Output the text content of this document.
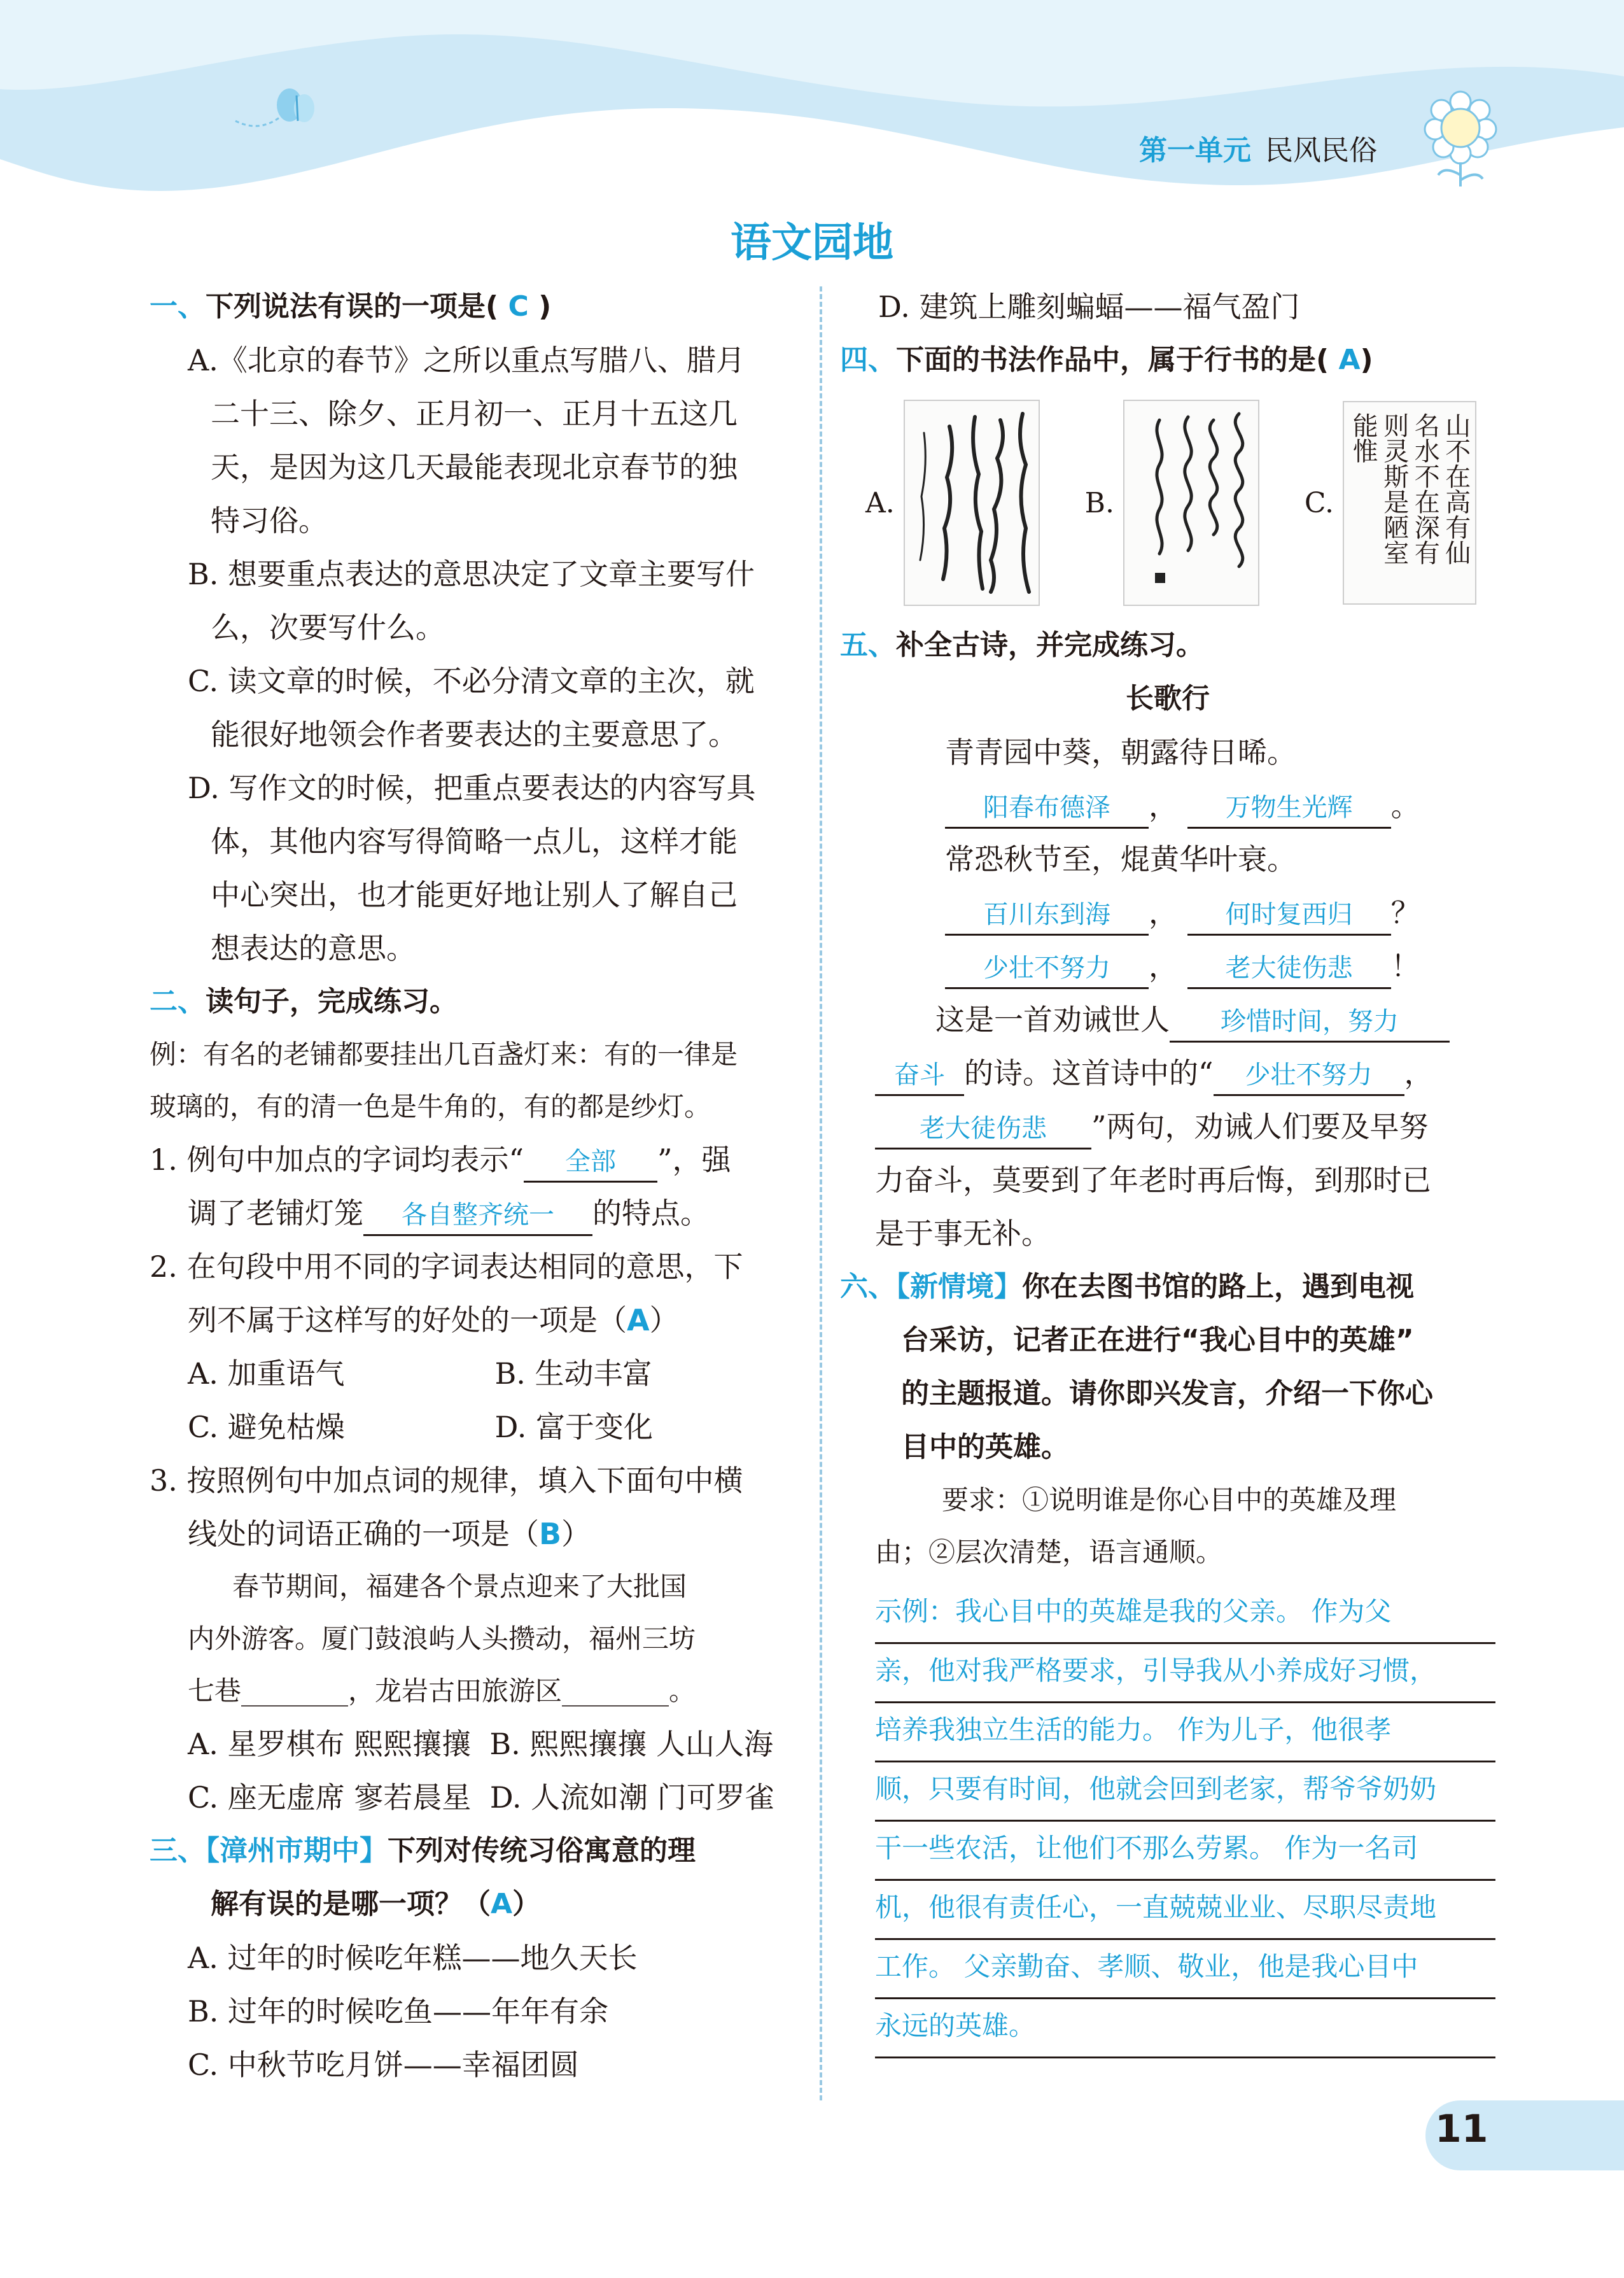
第一单元 民风民俗
语文园地
一、下列说法有误的一项是( C )
A.《北京的春节》之所以重点写腊八、腊月
二十三、除夕、正月初一、正月十五这几
天，是因为这几天最能表现北京春节的独
特习俗。
B. 想要重点表达的意思决定了文章主要写什
么，次要写什么。
C. 读文章的时候，不必分清文章的主次，就
能很好地领会作者要表达的主要意思了。
D. 写作文的时候，把重点要表达的内容写具
体，其他内容写得简略一点儿，这样才能
中心突出，也才能更好地让别人了解自己
想表达的意思。
二、读句子，完成练习。
例：有名的老铺都要挂出几百盏灯来：有的一律是
玻璃的，有的清一色是牛角的，有的都是纱灯。
1. 例句中加点的字词均表示“ 全部 ”，强
调了老铺灯笼 各自整齐统一 的特点。
2. 在句段中用不同的字词表达相同的意思，下
列不属于这样写的好处的一项是（A）
A. 加重语气	B. 生动丰富
C. 避免枯燥	D. 富于变化
3. 按照例句中加点词的规律，填入下面句中横
线处的词语正确的一项是（B）
春节期间，福建各个景点迎来了大批国
内外游客。厦门鼓浪屿人头攒动，福州三坊
七巷________，龙岩古田旅游区________。
A. 星罗棋布 熙熙攘攘 B. 熙熙攘攘 人山人海
C. 座无虚席 寥若晨星 D. 人流如潮 门可罗雀
三、【漳州市期中】下列对传统习俗寓意的理
解有误的是哪一项？（A）
A. 过年的时候吃年糕——地久天长
B. 过年的时候吃鱼——年年有余
C. 中秋节吃月饼——幸福团圆
D. 建筑上雕刻蝙蝠——福气盈门
四、下面的书法作品中，属于行书的是( A)
A.	B.	C.	山不在高有仙
名水不在深有
则灵斯是陋室
能惟
五、补全古诗，并完成练习。
长歌行
青青园中葵，朝露待日晞。
阳春布德泽 ， 万物生光辉 。
常恐秋节至，焜黄华叶衰。
百川东到海 ， 何时复西归 ？
少壮不努力 ， 老大徒伤悲 ！
这是一首劝诫世人 珍惜时间，努力
奋斗 的诗。这首诗中的“ 少壮不努力 ，
老大徒伤悲 ”两句，劝诫人们要及早努
力奋斗，莫要到了年老时再后悔，到那时已
是于事无补。
六、【新情境】你在去图书馆的路上，遇到电视
台采访，记者正在进行“我心目中的英雄”
的主题报道。请你即兴发言，介绍一下你心
目中的英雄。
要求：①说明谁是你心目中的英雄及理
由；②层次清楚，语言通顺。
示例：我心目中的英雄是我的父亲。 作为父
亲，他对我严格要求，引导我从小养成好习惯，
培养我独立生活的能力。 作为儿子，他很孝
顺，只要有时间，他就会回到老家，帮爷爷奶奶
干一些农活，让他们不那么劳累。 作为一名司
机，他很有责任心，一直兢兢业业、尽职尽责地
工作。 父亲勤奋、孝顺、敬业，他是我心目中
永远的英雄。
11
